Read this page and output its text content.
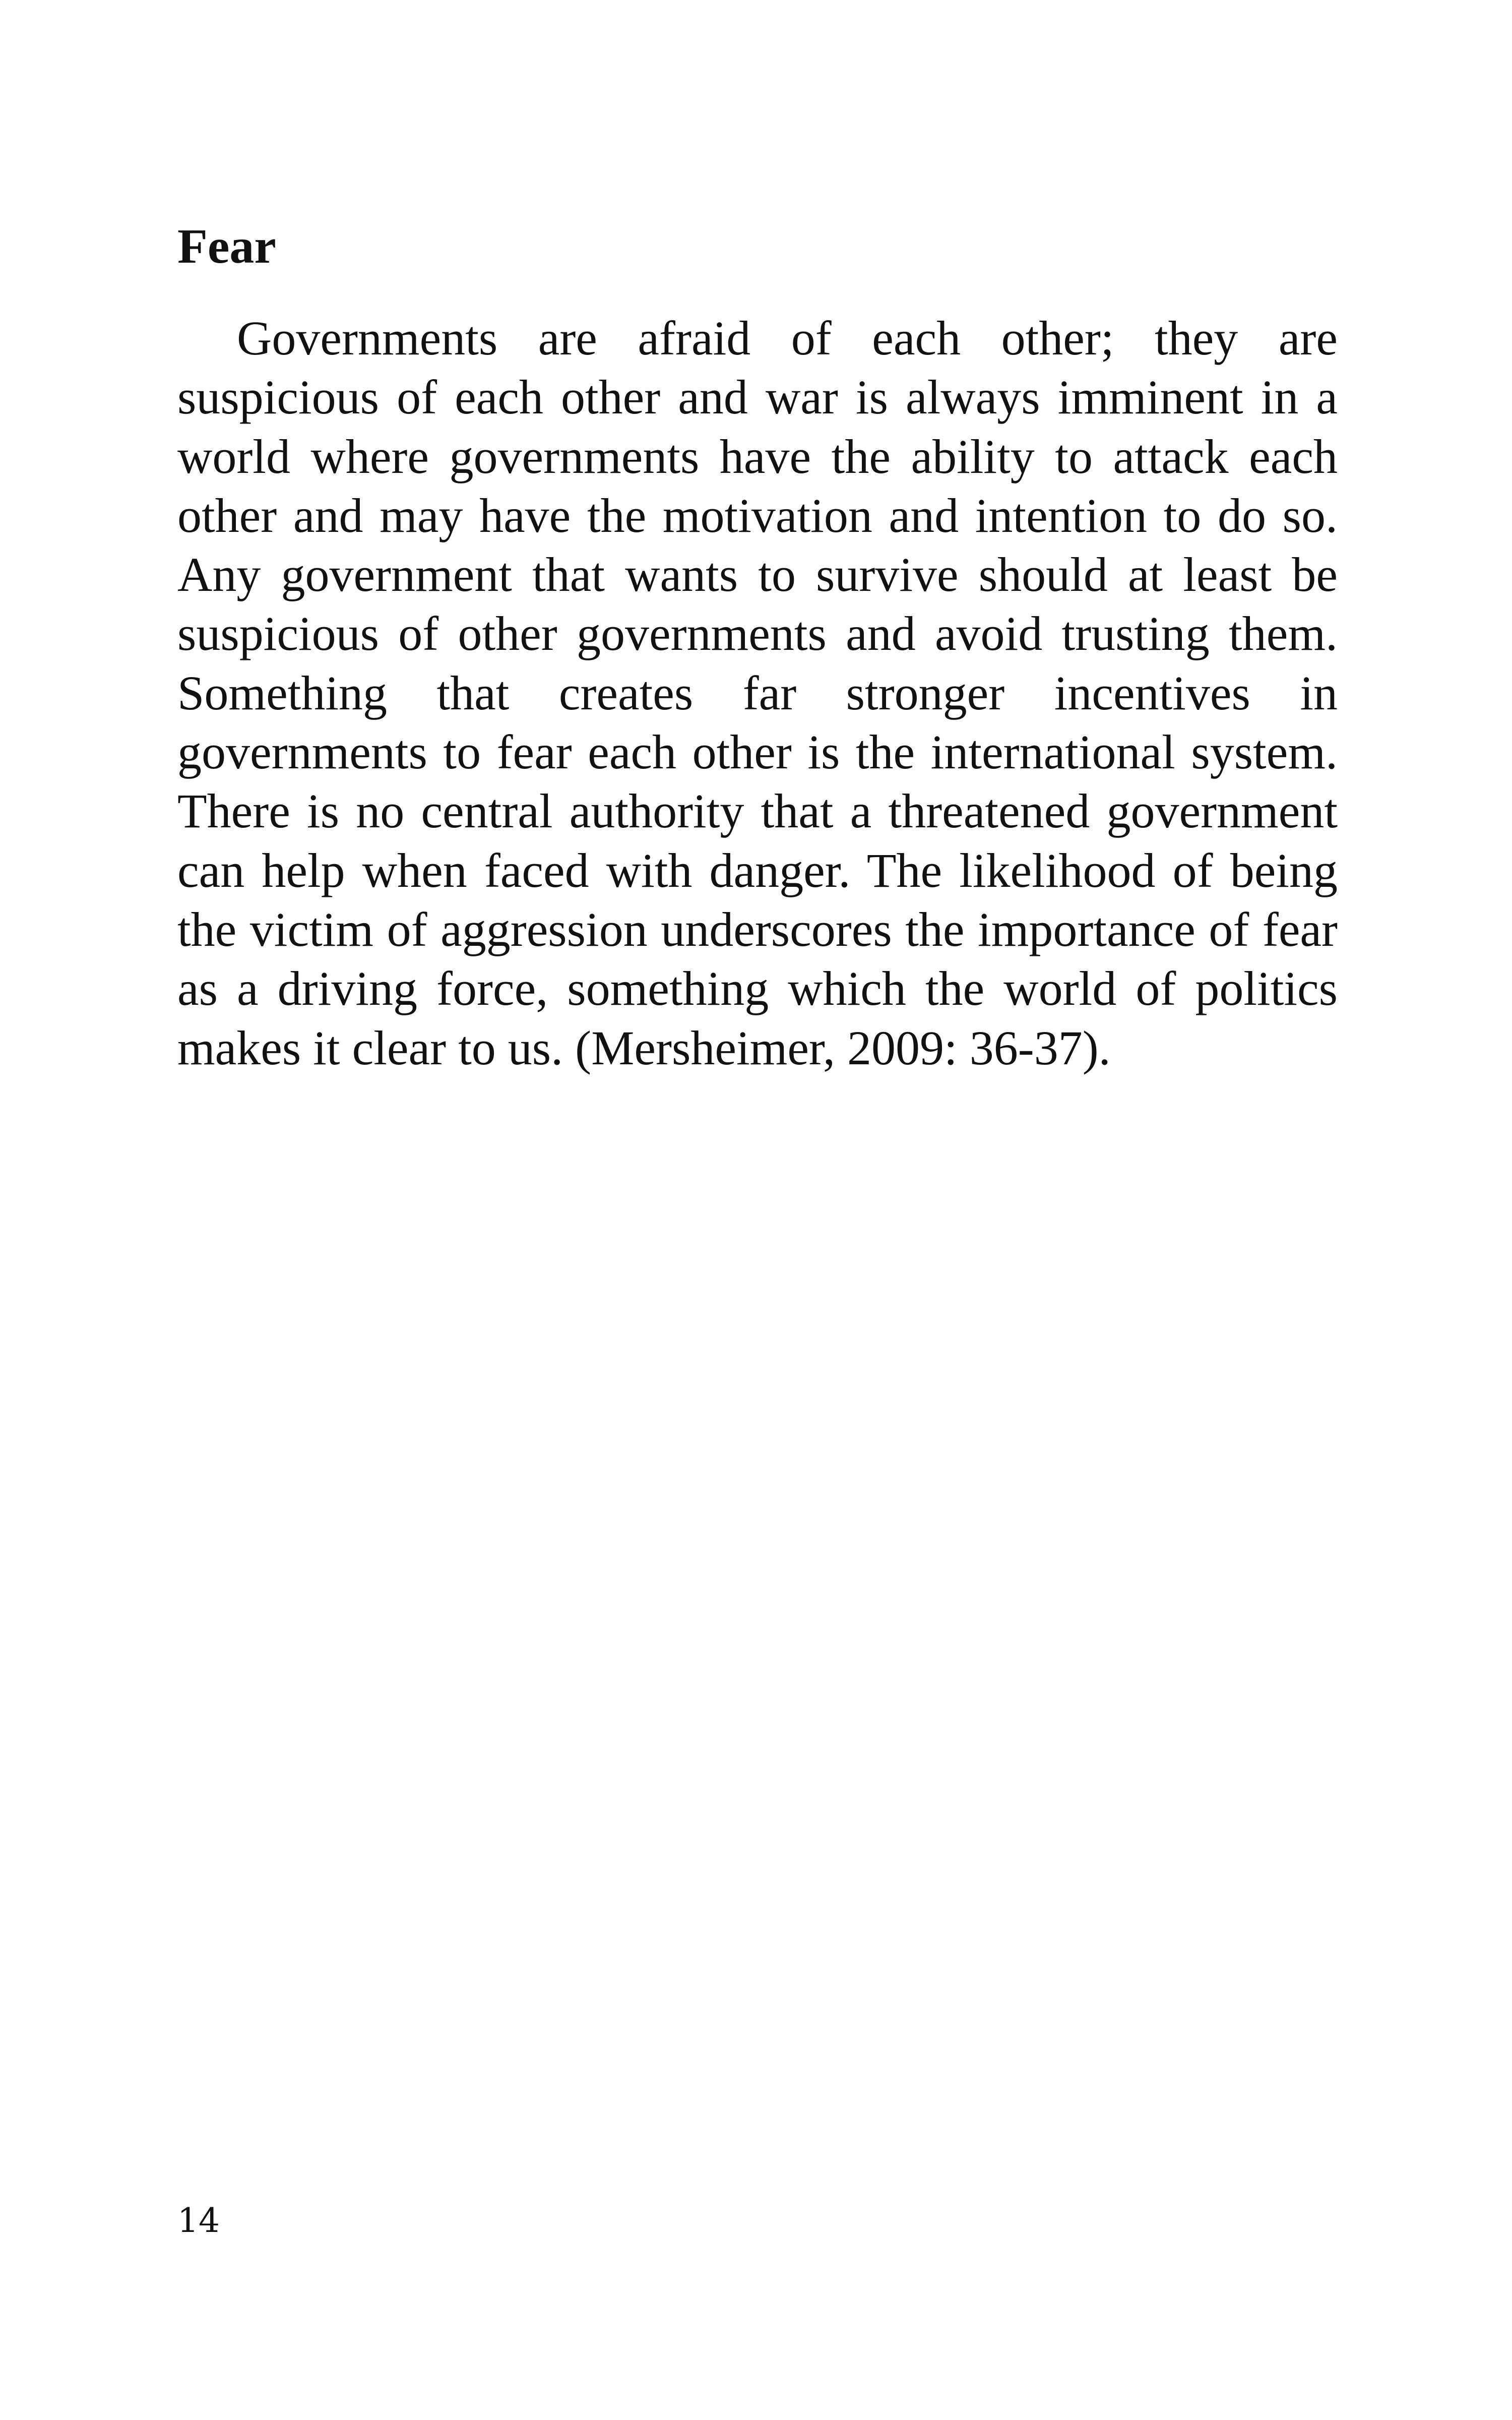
Fear

Governments are afraid of each other; they are suspicious of each other and war is always imminent in a world where governments have the ability to attack each other and may have the motivation and intention to do so. Any government that wants to survive should at least be suspicious of other governments and avoid trusting them. Something that creates far stronger incentives in governments to fear each other is the international system. There is no central authority that a threatened government can help when faced with danger. The likelihood of being the victim of aggression underscores the importance of fear as a driving force, something which the world of politics makes it clear to us. (Mersheimer, 2009: 36-37).

14
